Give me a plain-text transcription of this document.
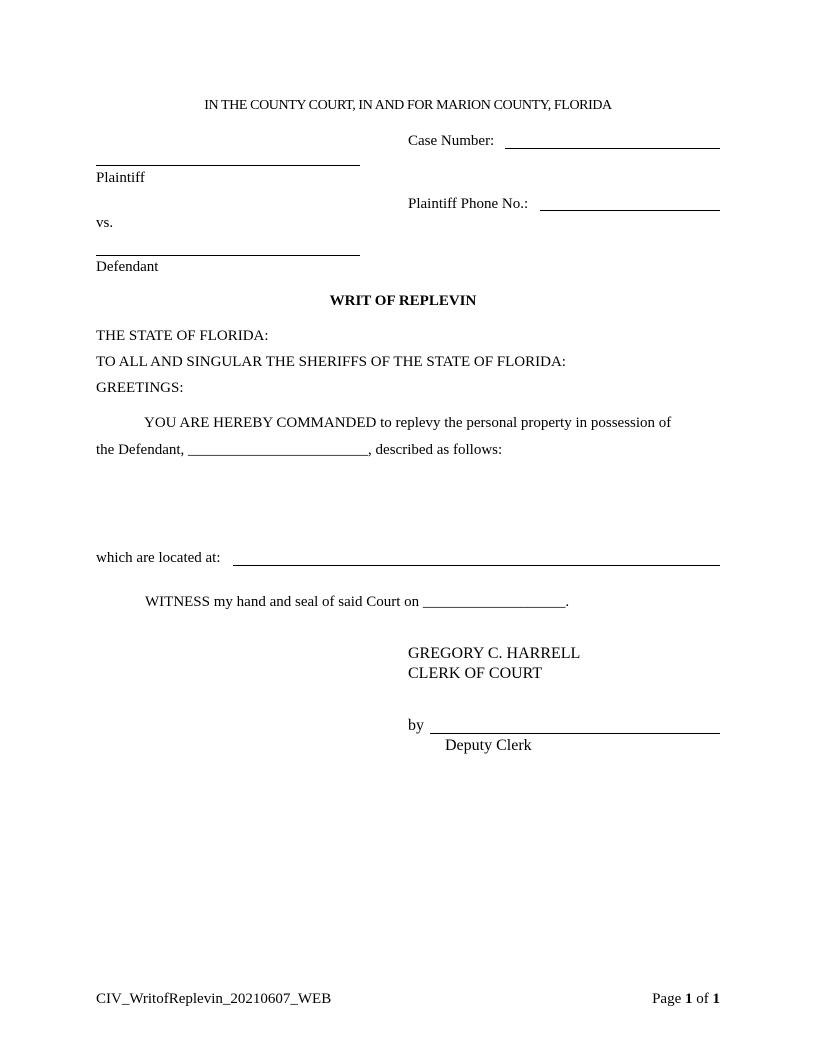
IN THE COUNTY COURT, IN AND FOR MARION COUNTY, FLORIDA
Case Number:
Plaintiff
Plaintiff Phone No.:
vs.
Defendant
WRIT OF REPLEVIN
THE STATE OF FLORIDA:
TO ALL AND SINGULAR THE SHERIFFS OF THE STATE OF FLORIDA:
GREETINGS:
YOU ARE HEREBY COMMANDED to replevy the personal property in possession of
the Defendant, ________________________, described as follows:
which are located at:
WITNESS my hand and seal of said Court on ___________________.
GREGORY C. HARRELL
CLERK OF COURT
by
Deputy Clerk
CIV_WritofReplevin_20210607_WEB	Page 1 of 1
